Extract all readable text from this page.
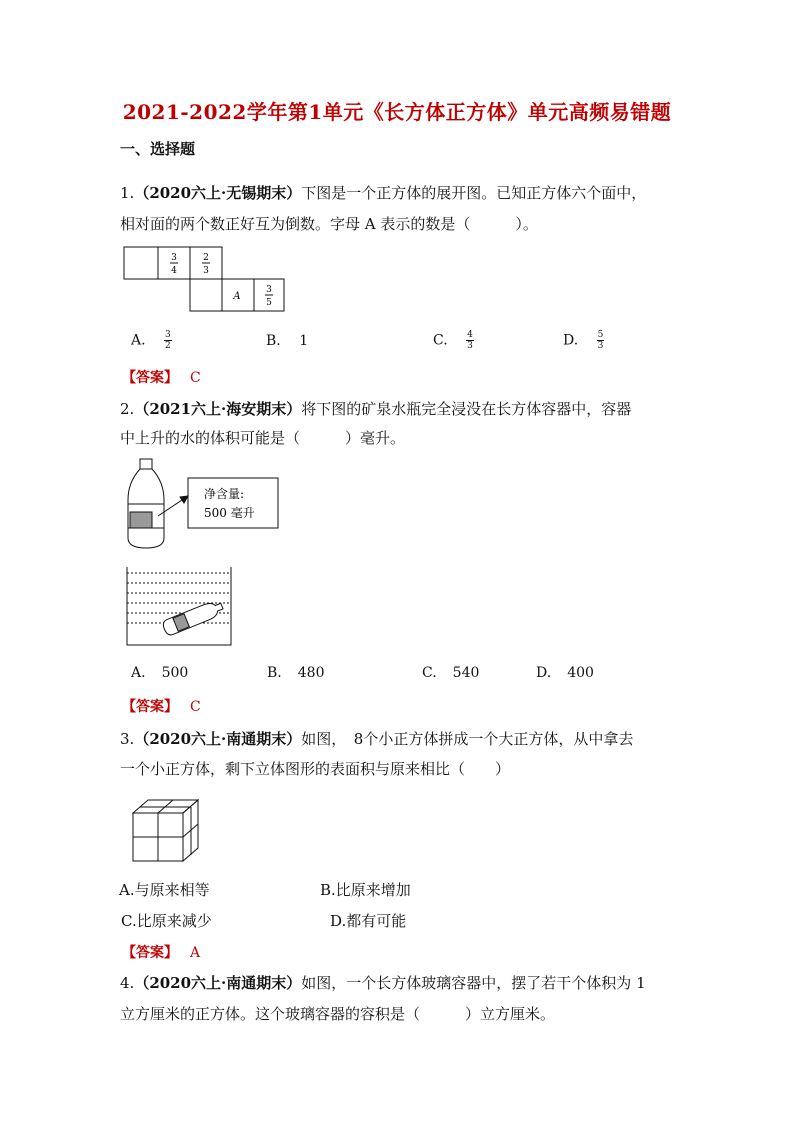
2021-2022学年第1单元《长方体正方体》单元高频易错题
一、选择题
1.（2020六上·无锡期末）下图是一个正方体的展开图。已知正方体六个面中，
相对面的两个数正好互为倒数。字母 A 表示的数是（　　　）。
3
4
2
3
A
3
5
A. $\frac{3}{2}$	B. 1	C. $\frac{4}{3}$	D. $\frac{5}{3}$
【答案】 C
2.（2021六上·海安期末）将下图的矿泉水瓶完全浸没在长方体容器中，容器
中上升的水的体积可能是（　　　）毫升。
净含量:
500 毫升
A. 500	B. 480	C. 540	D. 400
【答案】 C
3.（2020六上·南通期末）如图，　8个小正方体拼成一个大正方体，从中拿去
一个小正方体，剩下立体图形的表面积与原来相比（　　）
A.与原来相等	B.比原来增加
C.比原来减少	D.都有可能
【答案】 A
4.（2020六上·南通期末）如图，一个长方体玻璃容器中，摆了若干个体积为 1
立方厘米的正方体。这个玻璃容器的容积是（　　　）立方厘米。
